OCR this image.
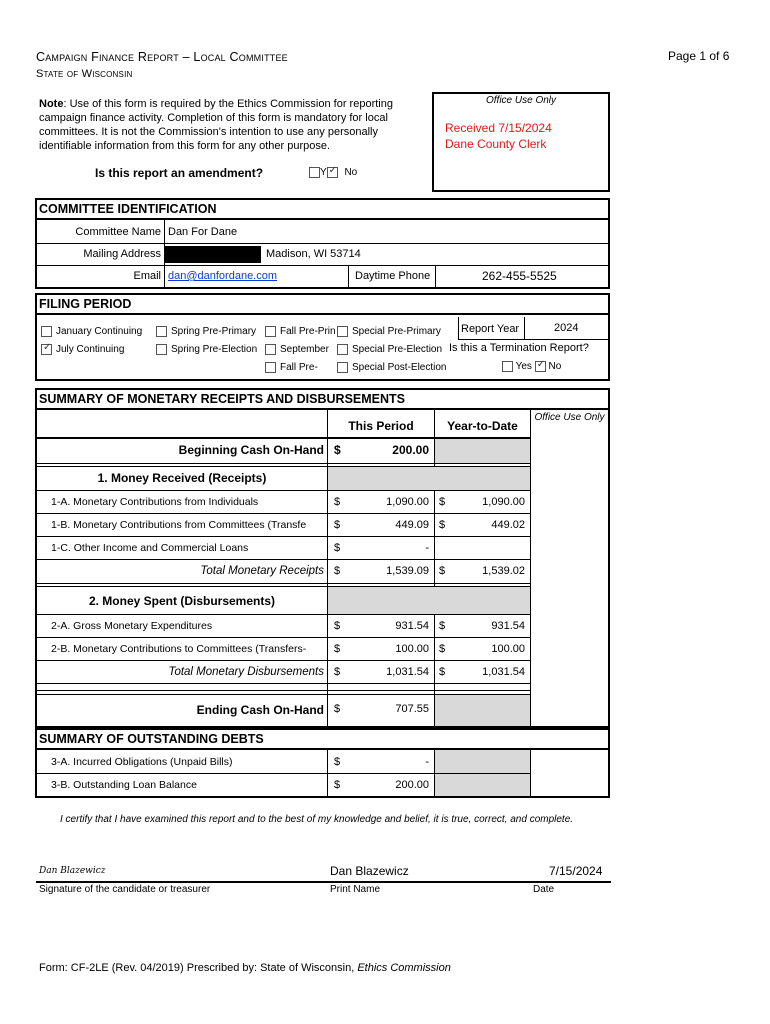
Campaign Finance Report – Local Committee
State of Wisconsin
Page 1 of 6
Note: Use of this form is required by the Ethics Commission for reporting campaign finance activity. Completion of this form is mandatory for local committees. It is not the Commission's intention to use any personally identifiable information from this form for any other purpose.
Office Use Only
Received 7/15/2024
Dane County Clerk
Is this report an amendment?	Y ✓ No
COMMITTEE IDENTIFICATION
Committee Name Dan For Dane
Mailing Address	Madison, WI 53714
Email dan@danfordane.com	Daytime Phone	262-455-5525
FILING PERIOD
January Continuing
✓July Continuing
Spring Pre-Primary
Spring Pre-Election
Fall Pre-Prin
September
Fall Pre-
Special Pre-Primary
Special Pre-Election
Special Post-Election
Report Year	2024
Is this a Termination Report?
Yes ✓ No
SUMMARY OF MONETARY RECEIPTS AND DISBURSEMENTS
Office Use Only
This Period	Year-to-Date
Beginning Cash On-Hand $	200.00
1. Money Received (Receipts)
1-A. Monetary Contributions from Individuals	$	1,090.00 $	1,090.00
1-B. Monetary Contributions from Committees (Transfe	$	449.09 $	449.02
1-C. Other Income and Commercial Loans	$	-
Total Monetary Receipts $	1,539.09 $	1,539.02
2. Money Spent (Disbursements)
2-A. Gross Monetary Expenditures	$	931.54 $	931.54
2-B. Monetary Contributions to Committees (Transfers-	$	100.00 $	100.00
Total Monetary Disbursements $	1,031.54 $	1,031.54
Ending Cash On-Hand $	707.55
SUMMARY OF OUTSTANDING DEBTS
3-A. Incurred Obligations (Unpaid Bills)	$	-
3-B. Outstanding Loan Balance	$	200.00
I certify that I have examined this report and to the best of my knowledge and belief, it is true, correct, and complete.
Dan Blazewicz
Signature of the candidate or treasurer
Dan Blazewicz
Print Name
7/15/2024
Date
Form: CF-2LE (Rev. 04/2019) Prescribed by: State of Wisconsin, Ethics Commission
